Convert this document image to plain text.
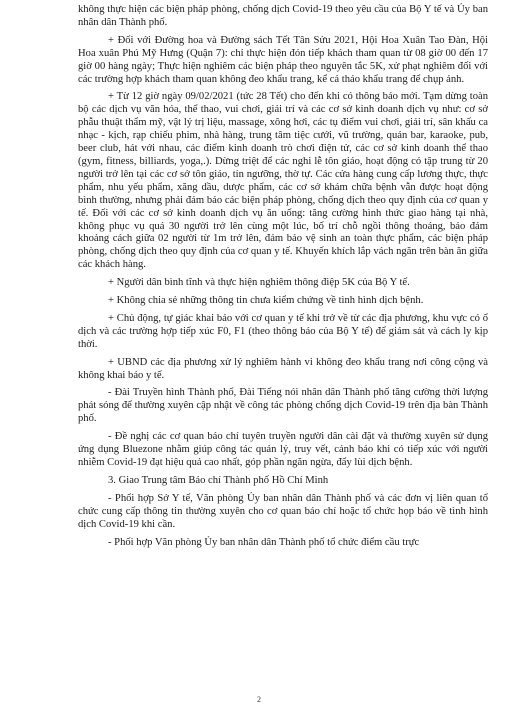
không thực hiện các biện pháp phòng, chống dịch Covid-19 theo yêu cầu của Bộ Y tế và Ủy ban nhân dân Thành phố.

+ Đối với Đường hoa và Đường sách Tết Tân Sửu 2021, Hội Hoa Xuân Tao Đàn, Hội Hoa xuân Phú Mỹ Hưng (Quận 7): chỉ thực hiện đón tiếp khách tham quan từ 08 giờ 00 đến 17 giờ 00 hàng ngày; Thực hiện nghiêm các biện pháp theo nguyên tắc 5K, xử phạt nghiêm đối với các trường hợp khách tham quan không đeo khẩu trang, kể cả tháo khẩu trang để chụp ảnh.

+ Từ 12 giờ ngày 09/02/2021 (tức 28 Tết) cho đến khi có thông báo mới. Tạm dừng toàn bộ các dịch vụ văn hóa, thể thao, vui chơi, giải trí và các cơ sở kinh doanh dịch vụ như: cơ sở phẫu thuật thẩm mỹ, vật lý trị liệu, massage, xông hơi, các tụ điểm vui chơi, giải trí, sân khấu ca nhạc - kịch, rạp chiếu phim, nhà hàng, trung tâm tiệc cưới, vũ trường, quán bar, karaoke, pub, beer club, hát với nhau, các điểm kinh doanh trò chơi điện tử, các cơ sở kinh doanh thể thao (gym, fitness, billiards, yoga,.). Dừng triệt để các nghi lễ tôn giáo, hoạt động có tập trung từ 20 người trở lên tại các cơ sở tôn giáo, tín ngưỡng, thờ tự. Các cửa hàng cung cấp lương thực, thực phẩm, nhu yếu phẩm, xăng dầu, dược phẩm, các cơ sở khám chữa bệnh vẫn được hoạt động bình thường, nhưng phải đảm bảo các biện pháp phòng, chống dịch theo quy định của cơ quan y tế. Đối với các cơ sở kinh doanh dịch vụ ăn uống: tăng cường hình thức giao hàng tại nhà, không phục vụ quá 30 người trở lên cùng một lúc, bố trí chỗ ngồi thông thoáng, bảo đảm khoảng cách giữa 02 người từ 1m trở lên, đảm bảo vệ sinh an toàn thực phẩm, các biện pháp phòng, chống dịch theo quy định của cơ quan y tế. Khuyến khích lắp vách ngăn trên bàn ăn giữa các khách hàng.

+ Người dân bình tĩnh và thực hiện nghiêm thông điệp 5K của Bộ Y tế.

+ Không chia sẻ những thông tin chưa kiểm chứng về tình hình dịch bệnh.

+ Chủ động, tự giác khai báo với cơ quan y tế khi trở về từ các địa phương, khu vực có ổ dịch và các trường hợp tiếp xúc F0, F1 (theo thông báo của Bộ Y tế) để giám sát và cách ly kịp thời.

+ UBND các địa phương xử lý nghiêm hành vi không đeo khẩu trang nơi công cộng và không khai báo y tế.

- Đài Truyền hình Thành phố, Đài Tiếng nói nhân dân Thành phố tăng cường thời lượng phát sóng để thường xuyên cập nhật về công tác phòng chống dịch Covid-19 trên địa bàn Thành phố.

- Đề nghị các cơ quan báo chí tuyên truyền người dân cài đặt và thường xuyên sử dụng ứng dụng Bluezone nhằm giúp công tác quản lý, truy vết, cảnh báo khi có tiếp xúc với người nhiễm Covid-19 đạt hiệu quả cao nhất, góp phần ngăn ngừa, đẩy lùi dịch bệnh.

3. Giao Trung tâm Báo chí Thành phố Hồ Chí Minh

- Phối hợp Sở Y tế, Văn phòng Ủy ban nhân dân Thành phố và các đơn vị liên quan tổ chức cung cấp thông tin thường xuyên cho cơ quan báo chí hoặc tổ chức họp báo về tình hình dịch Covid-19 khi cần.

- Phối hợp Văn phòng Ủy ban nhân dân Thành phố tổ chức điểm cầu trực

2
